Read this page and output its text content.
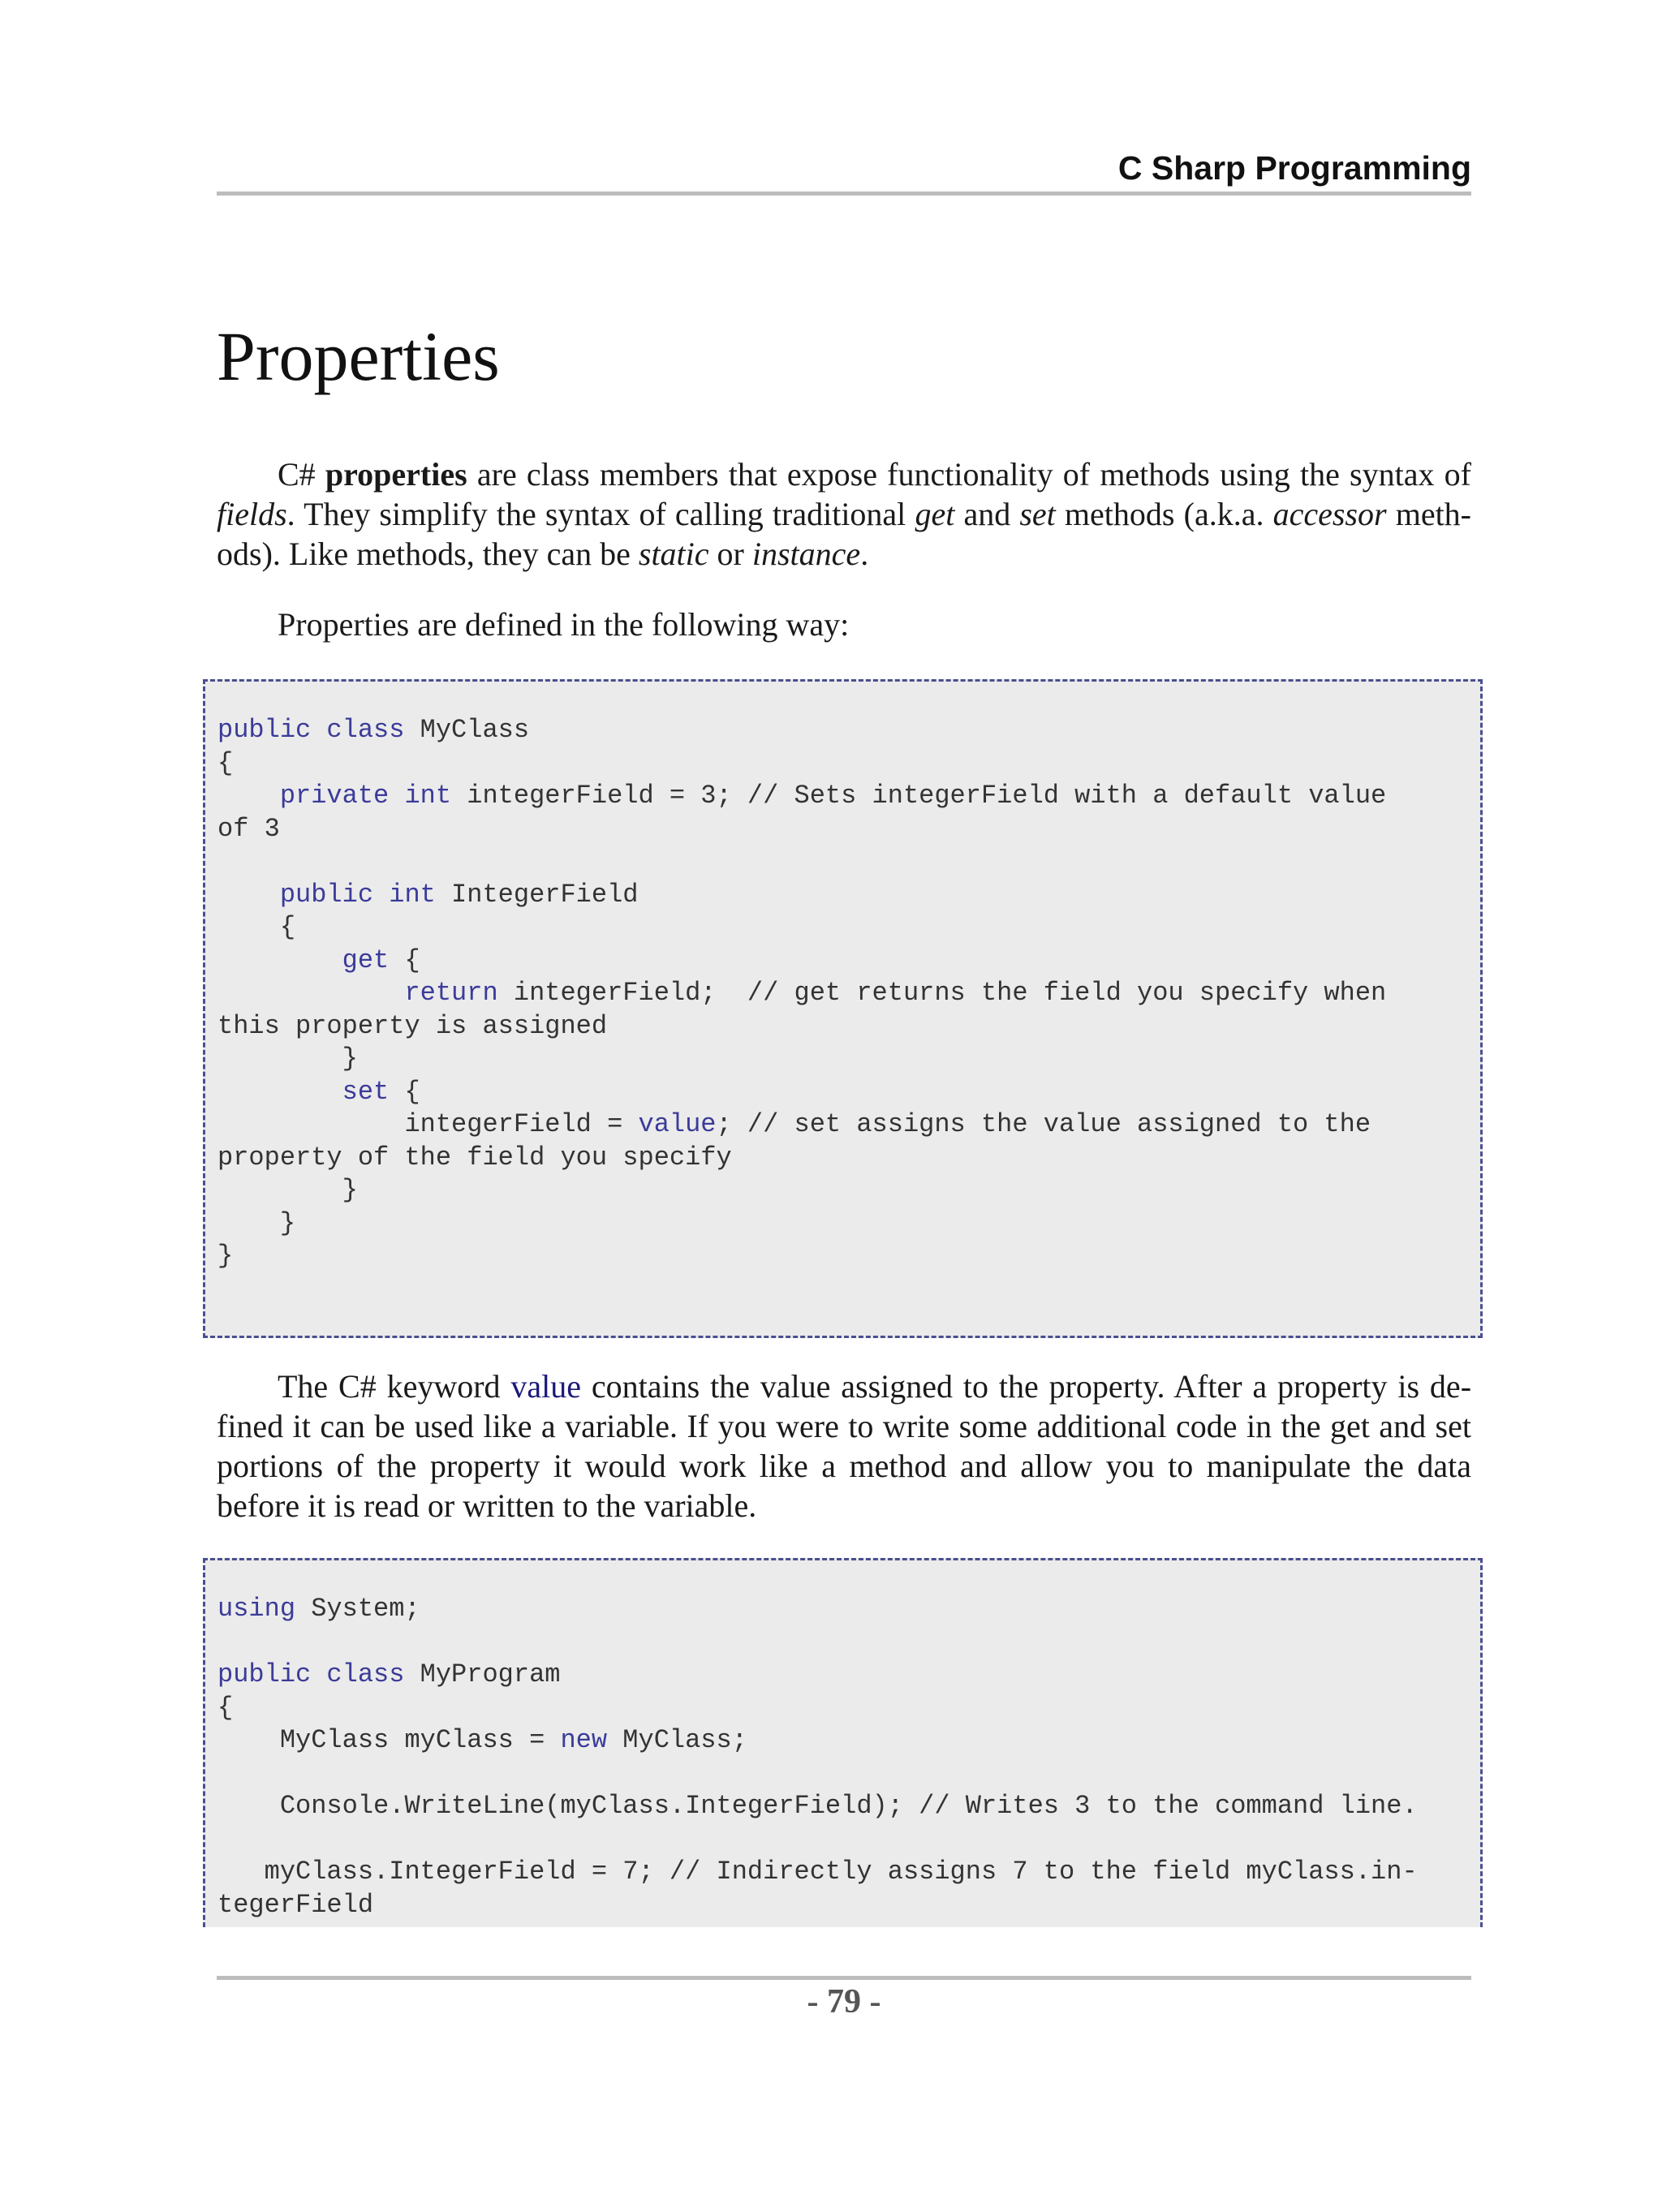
C Sharp Programming
Properties

C# properties are class members that expose functionality of methods using the syntax of fields. They simplify the syntax of calling traditional get and set methods (a.k.a. accessor meth-ods). Like methods, they can be static or instance.

Properties are defined in the following way:

public class MyClass
{
private int integerField = 3; // Sets integerField with a default value
of 3

public int IntegerField
{
get {
return integerField;  // get returns the field you specify when
this property is assigned
}
set {
integerField = value; // set assigns the value assigned to the
property of the field you specify
}
}
}

The C# keyword value contains the value assigned to the property. After a property is de-fined it can be used like a variable. If you were to write some additional code in the get and set portions of the property it would work like a method and allow you to manipulate the data before it is read or written to the variable.

using System;

public class MyProgram
{
MyClass myClass = new MyClass;

Console.WriteLine(myClass.IntegerField); // Writes 3 to the command line.

myClass.IntegerField = 7; // Indirectly assigns 7 to the field myClass.in-
tegerField
- 79 -
